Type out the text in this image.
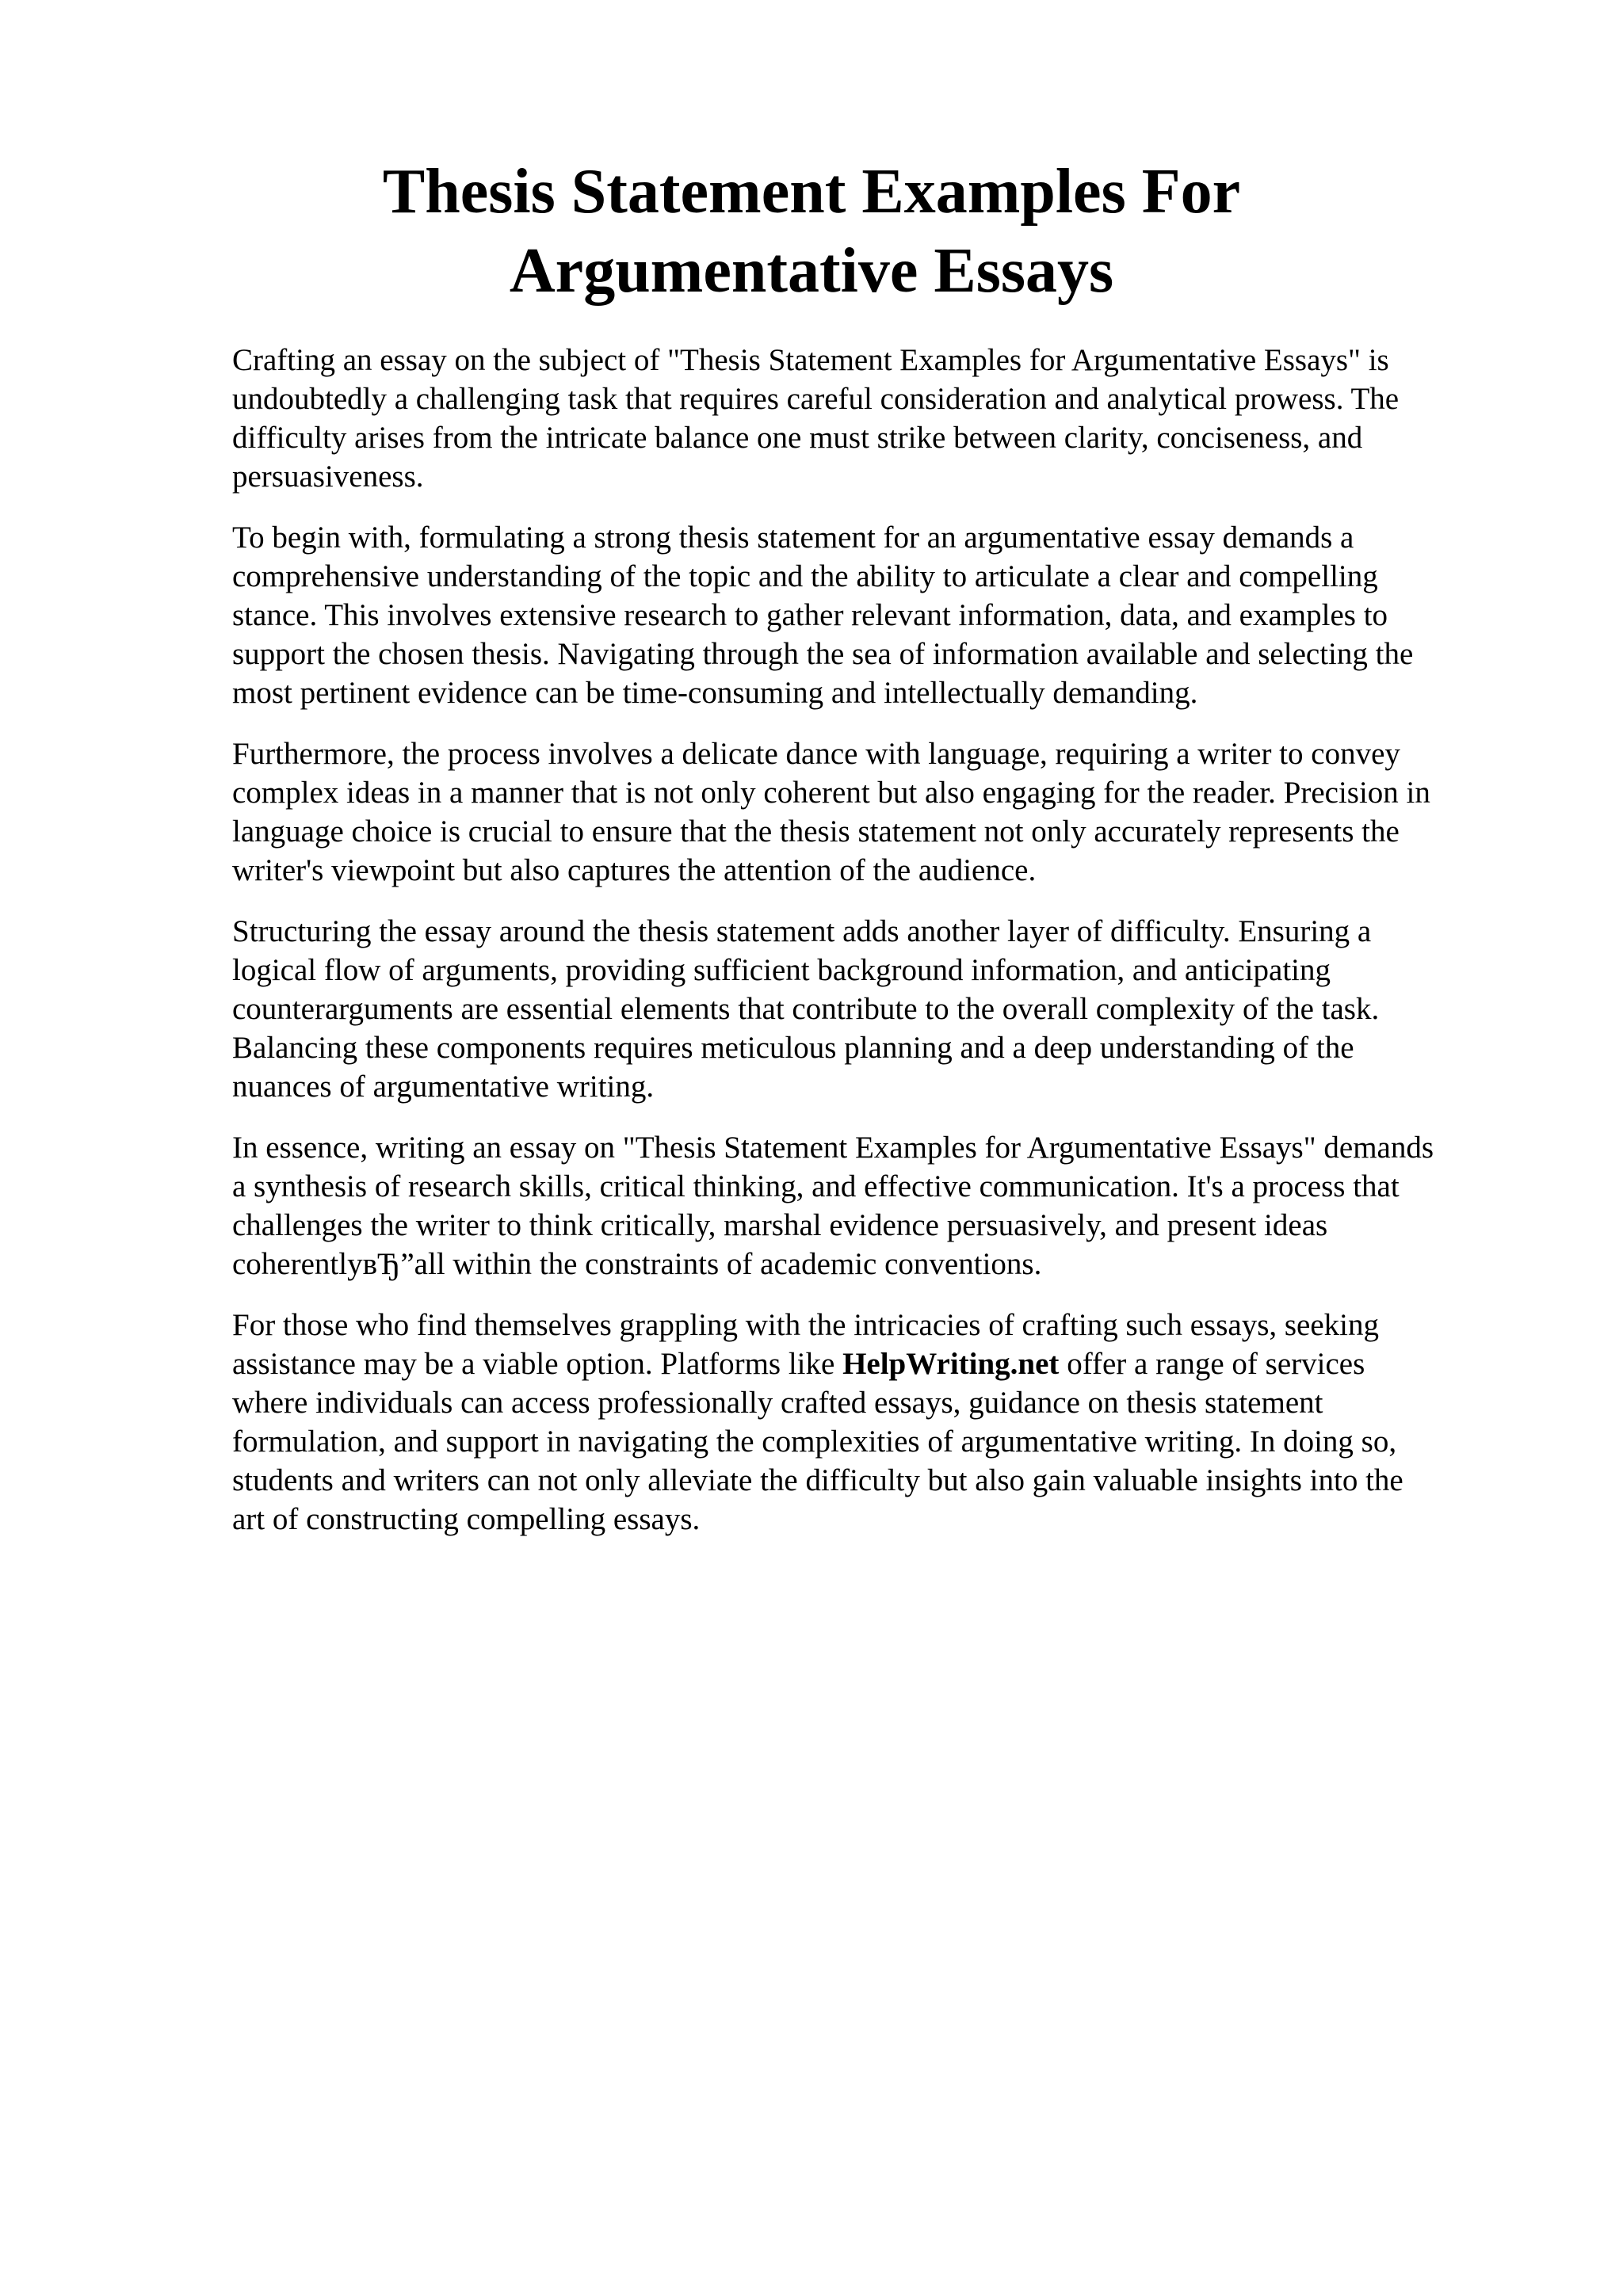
Thesis Statement Examples For
Argumentative Essays

Crafting an essay on the subject of "Thesis Statement Examples for Argumentative Essays" is
undoubtedly a challenging task that requires careful consideration and analytical prowess. The
difficulty arises from the intricate balance one must strike between clarity, conciseness, and
persuasiveness.

To begin with, formulating a strong thesis statement for an argumentative essay demands a
comprehensive understanding of the topic and the ability to articulate a clear and compelling
stance. This involves extensive research to gather relevant information, data, and examples to
support the chosen thesis. Navigating through the sea of information available and selecting the
most pertinent evidence can be time-consuming and intellectually demanding.

Furthermore, the process involves a delicate dance with language, requiring a writer to convey
complex ideas in a manner that is not only coherent but also engaging for the reader. Precision in
language choice is crucial to ensure that the thesis statement not only accurately represents the
writer's viewpoint but also captures the attention of the audience.

Structuring the essay around the thesis statement adds another layer of difficulty. Ensuring a
logical flow of arguments, providing sufficient background information, and anticipating
counterarguments are essential elements that contribute to the overall complexity of the task.
Balancing these components requires meticulous planning and a deep understanding of the
nuances of argumentative writing.

In essence, writing an essay on "Thesis Statement Examples for Argumentative Essays" demands
a synthesis of research skills, critical thinking, and effective communication. It's a process that
challenges the writer to think critically, marshal evidence persuasively, and present ideas
coherentlyвЂ”all within the constraints of academic conventions.

For those who find themselves grappling with the intricacies of crafting such essays, seeking
assistance may be a viable option. Platforms like HelpWriting.net offer a range of services
where individuals can access professionally crafted essays, guidance on thesis statement
formulation, and support in navigating the complexities of argumentative writing. In doing so,
students and writers can not only alleviate the difficulty but also gain valuable insights into the
art of constructing compelling essays.
